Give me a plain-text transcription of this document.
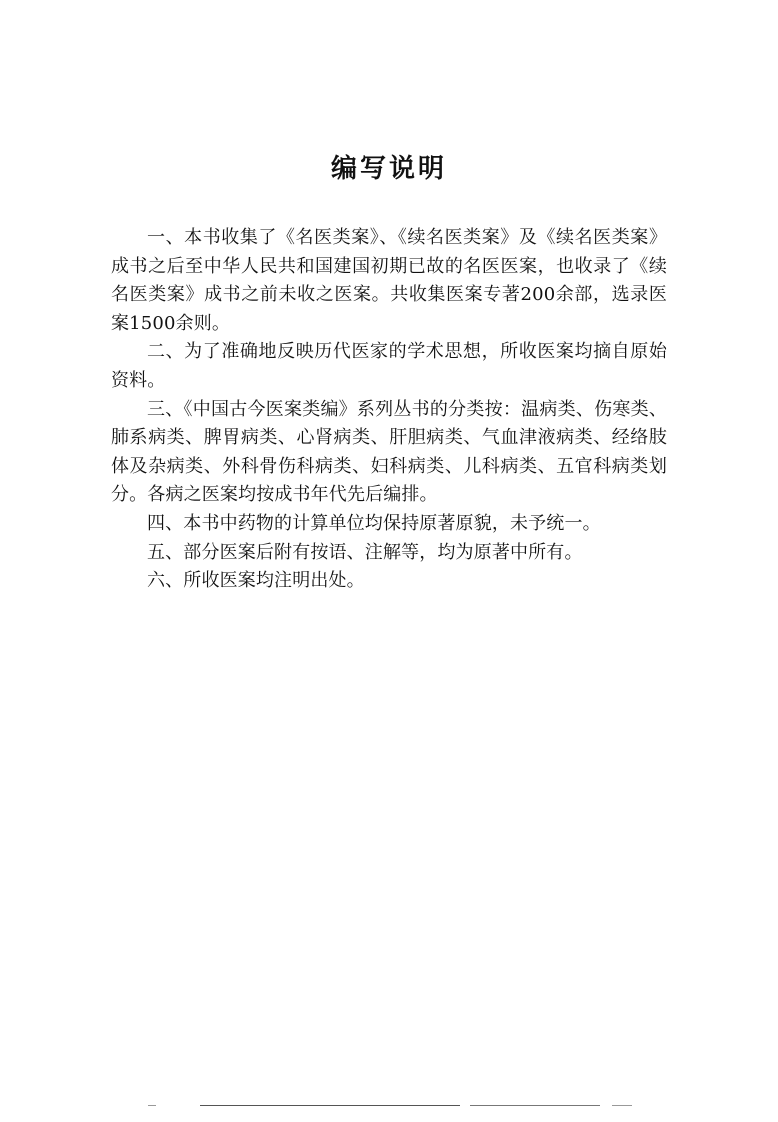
编写说明

一、本书收集了《名医类案》、《续名医类案》及《续名医类案》成书之后至中华人民共和国建国初期已故的名医医案，也收录了《续名医类案》成书之前未收之医案。共收集医案专著200余部，选录医案1500余则。

二、为了准确地反映历代医家的学术思想，所收医案均摘自原始资料。

三、《中国古今医案类编》系列丛书的分类按：温病类、伤寒类、肺系病类、脾胃病类、心肾病类、肝胆病类、气血津液病类、经络肢体及杂病类、外科骨伤科病类、妇科病类、儿科病类、五官科病类划分。各病之医案均按成书年代先后编排。

四、本书中药物的计算单位均保持原著原貌，未予统一。

五、部分医案后附有按语、注解等，均为原著中所有。

六、所收医案均注明出处。
